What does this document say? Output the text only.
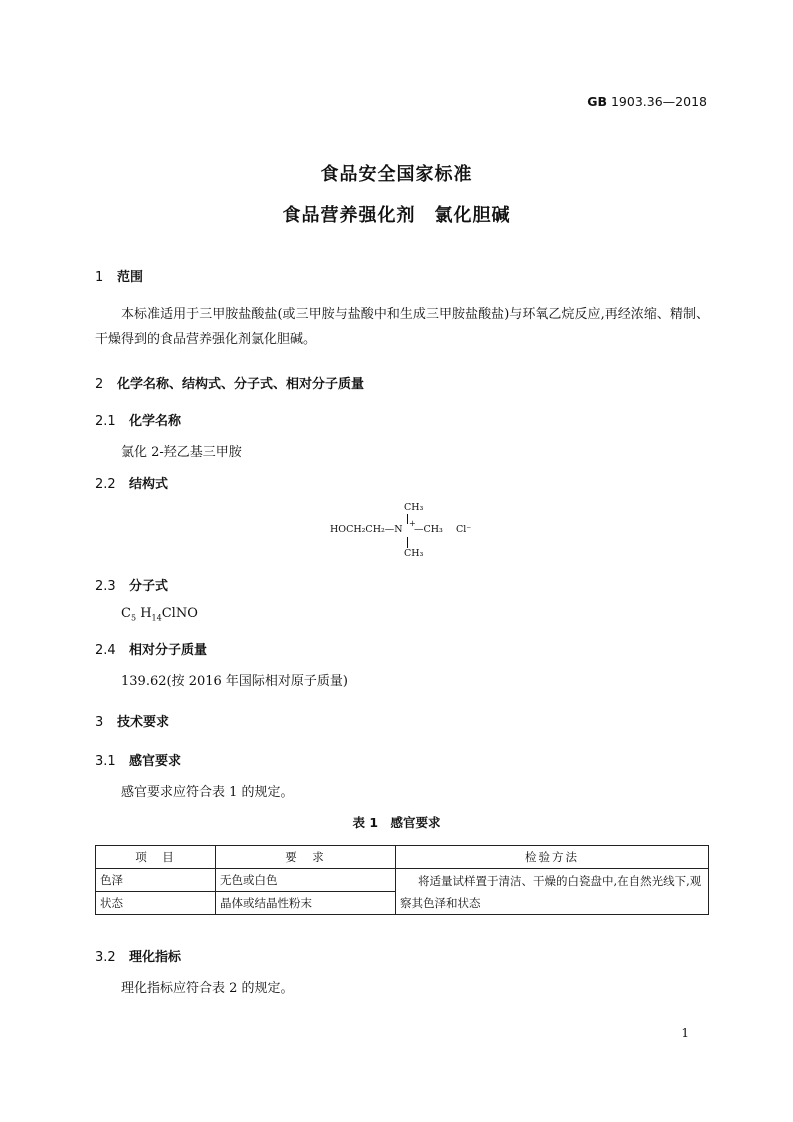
GB 1903.36—2018
食品安全国家标准
食品营养强化剂　氯化胆碱
1 范围
本标准适用于三甲胺盐酸盐(或三甲胺与盐酸中和生成三甲胺盐酸盐)与环氧乙烷反应,再经浓缩、精制、干燥得到的食品营养强化剂氯化胆碱。
2 化学名称、结构式、分子式、相对分子质量
2.1 化学名称
氯化 2-羟乙基三甲胺
2.2 结构式
CH₃
HOCH₂CH₂—N
+
—CH₃
CH₃
Cl⁻
2.3 分子式
$C_5$ $H_{14}ClNO$
2.4 相对分子质量
139.62(按 2016 年国际相对原子质量)
3 技术要求
3.1 感官要求
感官要求应符合表 1 的规定。
表 1　感官要求
项　目	要　求	检验方法
色泽	无色或白色	将适量试样置于清洁、干燥的白瓷盘中,在自然光线下,观察其色泽和状态
状态	晶体或结晶性粉末	
3.2 理化指标
理化指标应符合表 2 的规定。
1
